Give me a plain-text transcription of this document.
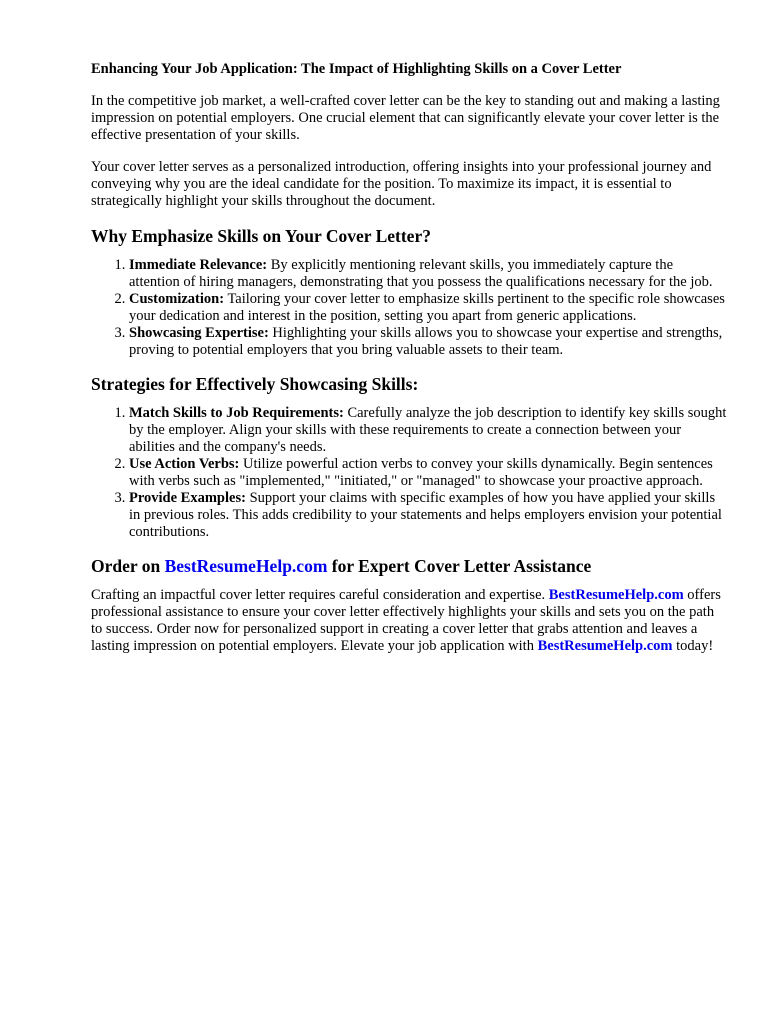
Enhancing Your Job Application: The Impact of Highlighting Skills on a Cover Letter

In the competitive job market, a well-crafted cover letter can be the key to standing out and making a lasting impression on potential employers. One crucial element that can significantly elevate your cover letter is the effective presentation of your skills.

Your cover letter serves as a personalized introduction, offering insights into your professional journey and conveying why you are the ideal candidate for the position. To maximize its impact, it is essential to strategically highlight your skills throughout the document.

Why Emphasize Skills on Your Cover Letter?
1. Immediate Relevance: By explicitly mentioning relevant skills, you immediately capture the attention of hiring managers, demonstrating that you possess the qualifications necessary for the job.
2. Customization: Tailoring your cover letter to emphasize skills pertinent to the specific role showcases your dedication and interest in the position, setting you apart from generic applications.
3. Showcasing Expertise: Highlighting your skills allows you to showcase your expertise and strengths, proving to potential employers that you bring valuable assets to their team.
Strategies for Effectively Showcasing Skills:
1. Match Skills to Job Requirements: Carefully analyze the job description to identify key skills sought by the employer. Align your skills with these requirements to create a connection between your abilities and the company's needs.
2. Use Action Verbs: Utilize powerful action verbs to convey your skills dynamically. Begin sentences with verbs such as "implemented," "initiated," or "managed" to showcase your proactive approach.
3. Provide Examples: Support your claims with specific examples of how you have applied your skills in previous roles. This adds credibility to your statements and helps employers envision your potential contributions.
Order on BestResumeHelp.com for Expert Cover Letter Assistance

Crafting an impactful cover letter requires careful consideration and expertise. BestResumeHelp.com offers professional assistance to ensure your cover letter effectively highlights your skills and sets you on the path to success. Order now for personalized support in creating a cover letter that grabs attention and leaves a lasting impression on potential employers. Elevate your job application with BestResumeHelp.com today!
